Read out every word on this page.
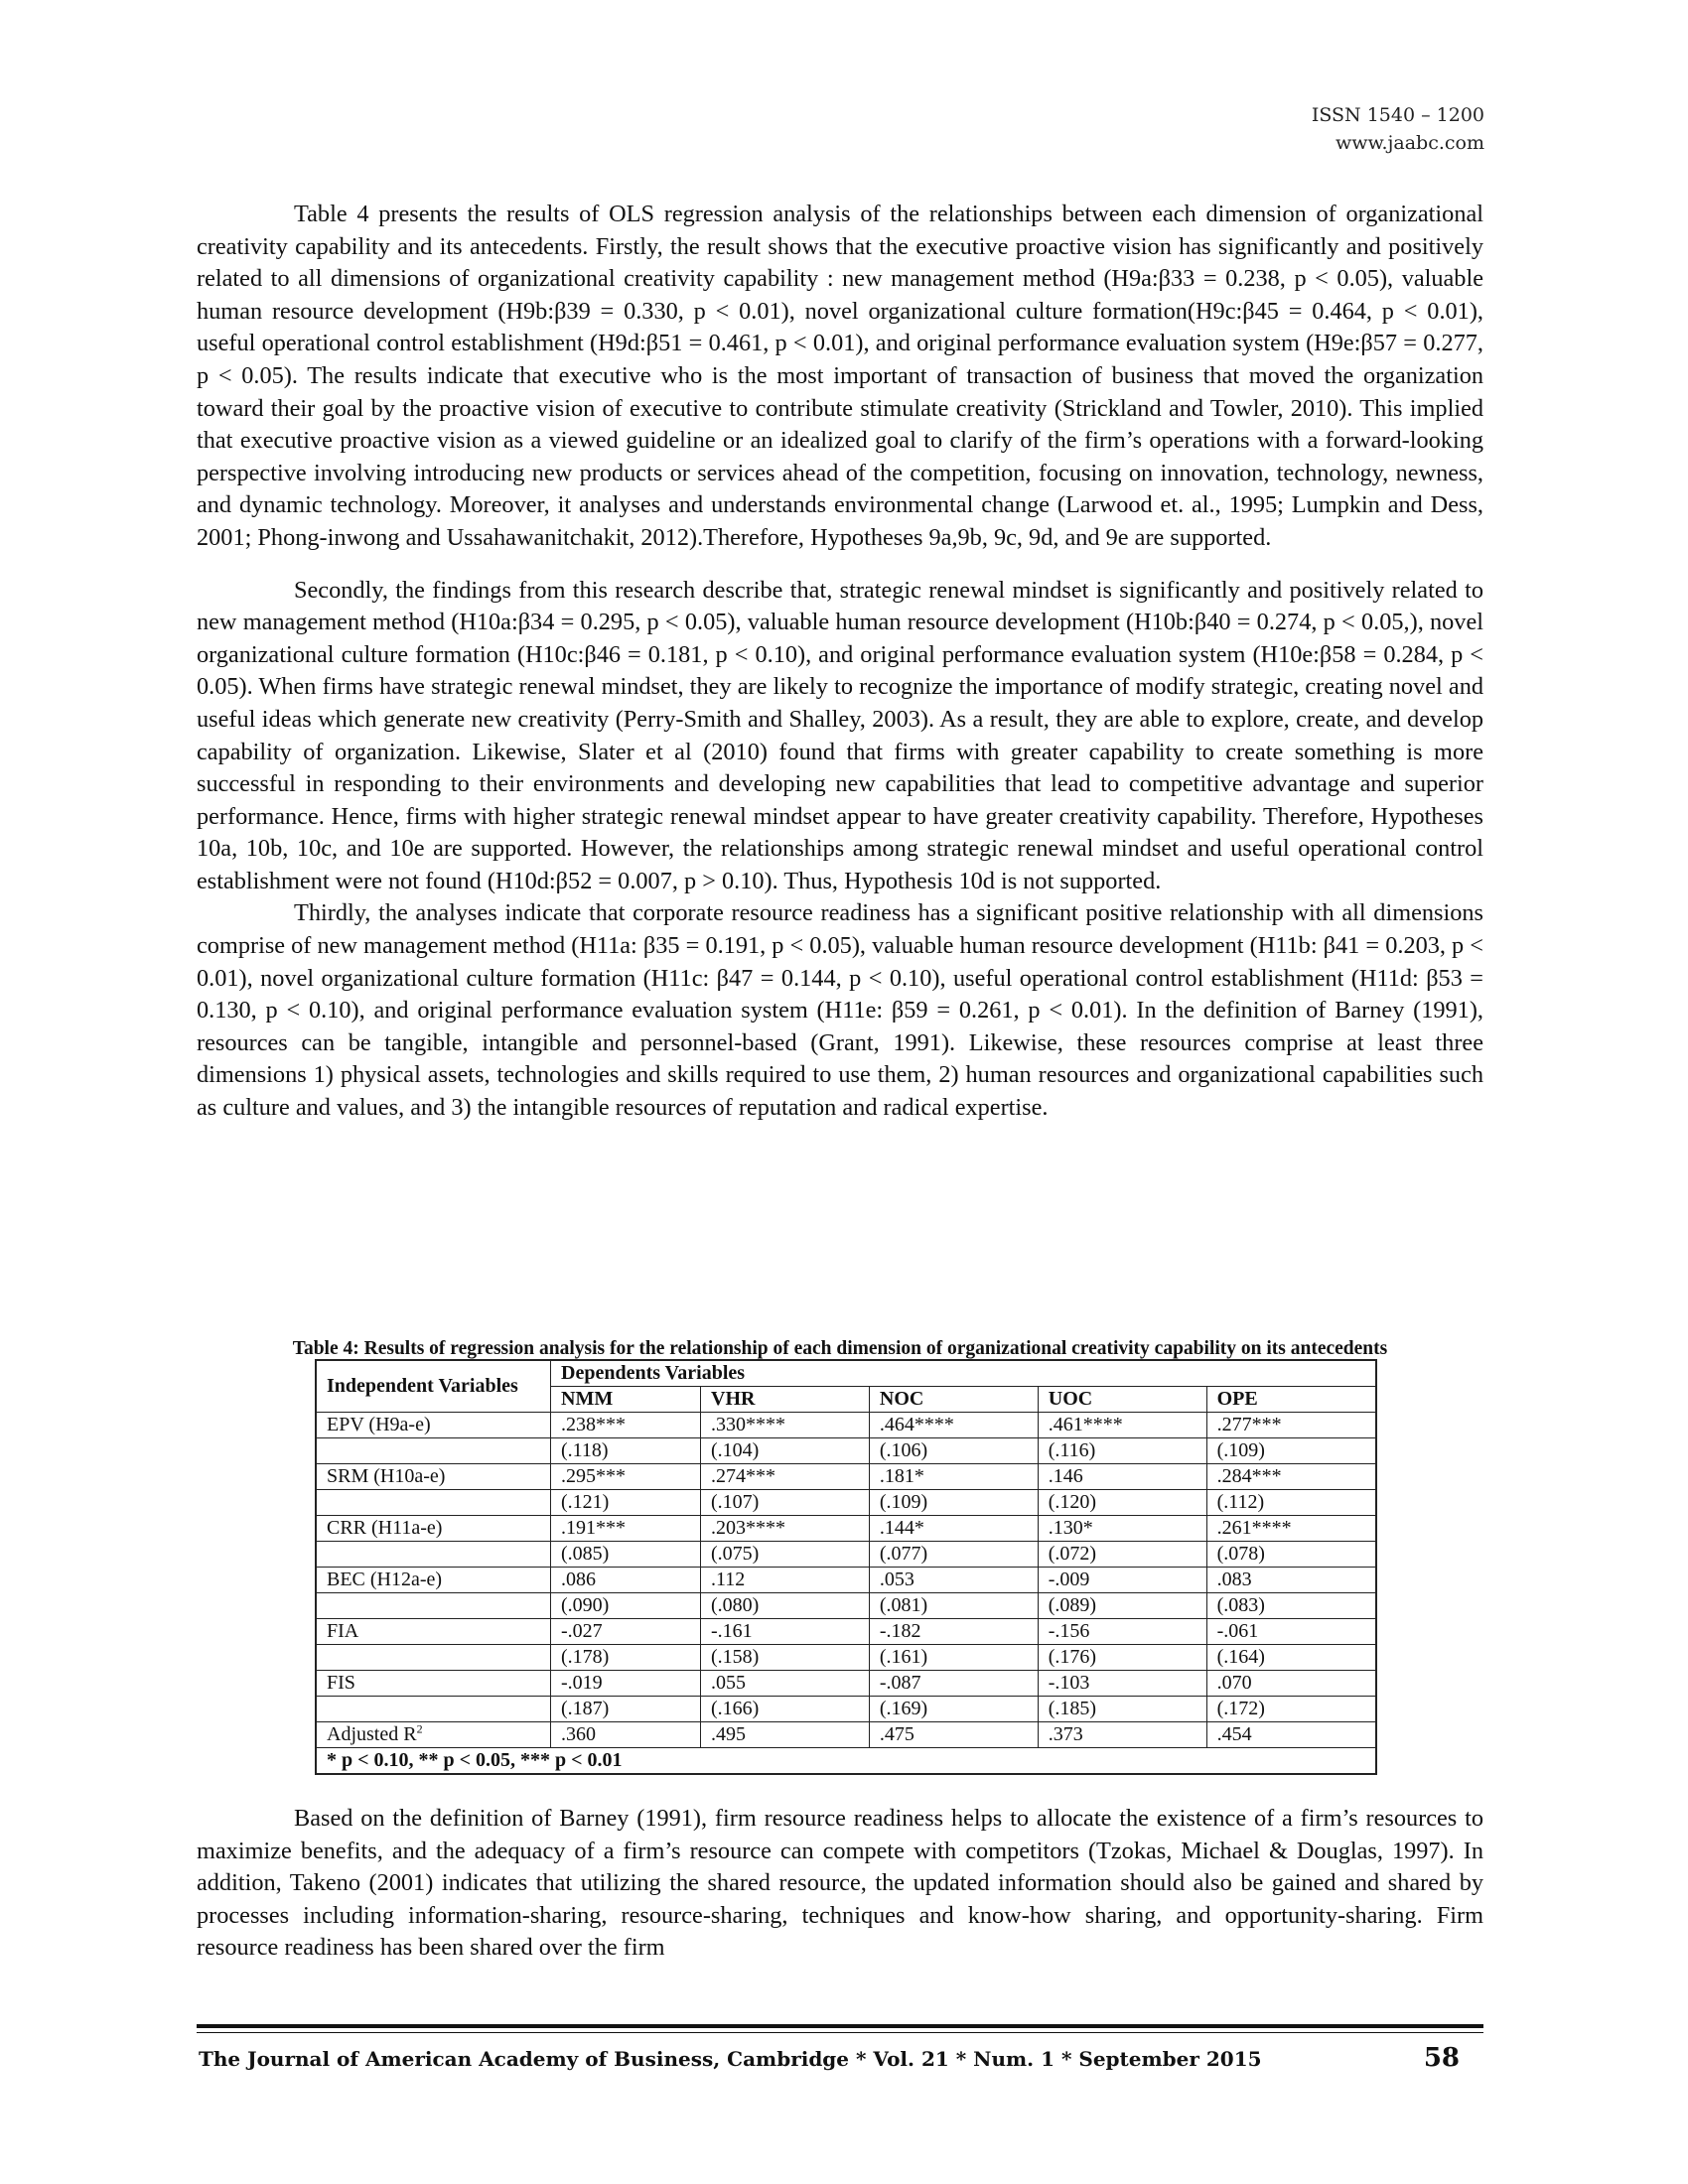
ISSN 1540 – 1200
www.jaabc.com

Table 4 presents the results of OLS regression analysis of the relationships between each dimension of organizational creativity capability and its antecedents. Firstly, the result shows that the executive proactive vision has significantly and positively related to all dimensions of organizational creativity capability : new management method (H9a:β33 = 0.238, p < 0.05), valuable human resource development (H9b:β39 = 0.330, p < 0.01), novel organizational culture formation(H9c:β45 = 0.464, p < 0.01), useful operational control establishment (H9d:β51 = 0.461, p < 0.01), and original performance evaluation system (H9e:β57 = 0.277, p < 0.05). The results indicate that executive who is the most important of transaction of business that moved the organization toward their goal by the proactive vision of executive to contribute stimulate creativity (Strickland and Towler, 2010). This implied that executive proactive vision as a viewed guideline or an idealized goal to clarify of the firm’s operations with a forward-looking perspective involving introducing new products or services ahead of the competition, focusing on innovation, technology, newness, and dynamic technology. Moreover, it analyses and understands environmental change (Larwood et. al., 1995; Lumpkin and Dess, 2001; Phong-inwong and Ussahawanitchakit, 2012).Therefore, Hypotheses 9a,9b, 9c, 9d, and 9e are supported.

Secondly, the findings from this research describe that, strategic renewal mindset is significantly and positively related to new management method (H10a:β34 = 0.295, p < 0.05), valuable human resource development (H10b:β40 = 0.274, p < 0.05,), novel organizational culture formation (H10c:β46 = 0.181, p < 0.10), and original performance evaluation system (H10e:β58 = 0.284, p < 0.05). When firms have strategic renewal mindset, they are likely to recognize the importance of modify strategic, creating novel and useful ideas which generate new creativity (Perry-Smith and Shalley, 2003). As a result, they are able to explore, create, and develop capability of organization. Likewise, Slater et al (2010) found that firms with greater capability to create something is more successful in responding to their environments and developing new capabilities that lead to competitive advantage and superior performance. Hence, firms with higher strategic renewal mindset appear to have greater creativity capability. Therefore, Hypotheses 10a, 10b, 10c, and 10e are supported. However, the relationships among strategic renewal mindset and useful operational control establishment were not found (H10d:β52 = 0.007, p > 0.10). Thus, Hypothesis 10d is not supported.

Thirdly, the analyses indicate that corporate resource readiness has a significant positive relationship with all dimensions comprise of new management method (H11a: β35 = 0.191, p < 0.05), valuable human resource development (H11b: β41 = 0.203, p < 0.01), novel organizational culture formation (H11c: β47 = 0.144, p < 0.10), useful operational control establishment (H11d: β53 = 0.130, p < 0.10), and original performance evaluation system (H11e: β59 = 0.261, p < 0.01). In the definition of Barney (1991), resources can be tangible, intangible and personnel-based (Grant, 1991). Likewise, these resources comprise at least three dimensions 1) physical assets, technologies and skills required to use them, 2) human resources and organizational capabilities such as culture and values, and 3) the intangible resources of reputation and radical expertise.

Table 4: Results of regression analysis for the relationship of each dimension of organizational creativity capability on its antecedents
Independent Variables	Dependents Variables				
	NMM	VHR	NOC	UOC	OPE
EPV (H9a-e)	.238***	.330****	.464****	.461****	.277***
	(.118)	(.104)	(.106)	(.116)	(.109)
SRM (H10a-e)	.295***	.274***	.181*	.146	.284***
	(.121)	(.107)	(.109)	(.120)	(.112)
CRR (H11a-e)	.191***	.203****	.144*	.130*	.261****
	(.085)	(.075)	(.077)	(.072)	(.078)
BEC (H12a-e)	.086	.112	.053	-.009	.083
	(.090)	(.080)	(.081)	(.089)	(.083)
FIA	-.027	-.161	-.182	-.156	-.061
	(.178)	(.158)	(.161)	(.176)	(.164)
FIS	-.019	.055	-.087	-.103	.070
	(.187)	(.166)	(.169)	(.185)	(.172)
Adjusted $R^2$	.360	.495	.475	.373	.454
* p < 0.10, ** p < 0.05, *** p < 0.01					

Based on the definition of Barney (1991), firm resource readiness helps to allocate the existence of a firm’s resources to maximize benefits, and the adequacy of a firm’s resource can compete with competitors (Tzokas, Michael & Douglas, 1997). In addition, Takeno (2001) indicates that utilizing the shared resource, the updated information should also be gained and shared by processes including information-sharing, resource-sharing, techniques and know-how sharing, and opportunity-sharing. Firm resource readiness has been shared over the firm

The Journal of American Academy of Business, Cambridge * Vol. 21 * Num. 1 * September 2015	58
